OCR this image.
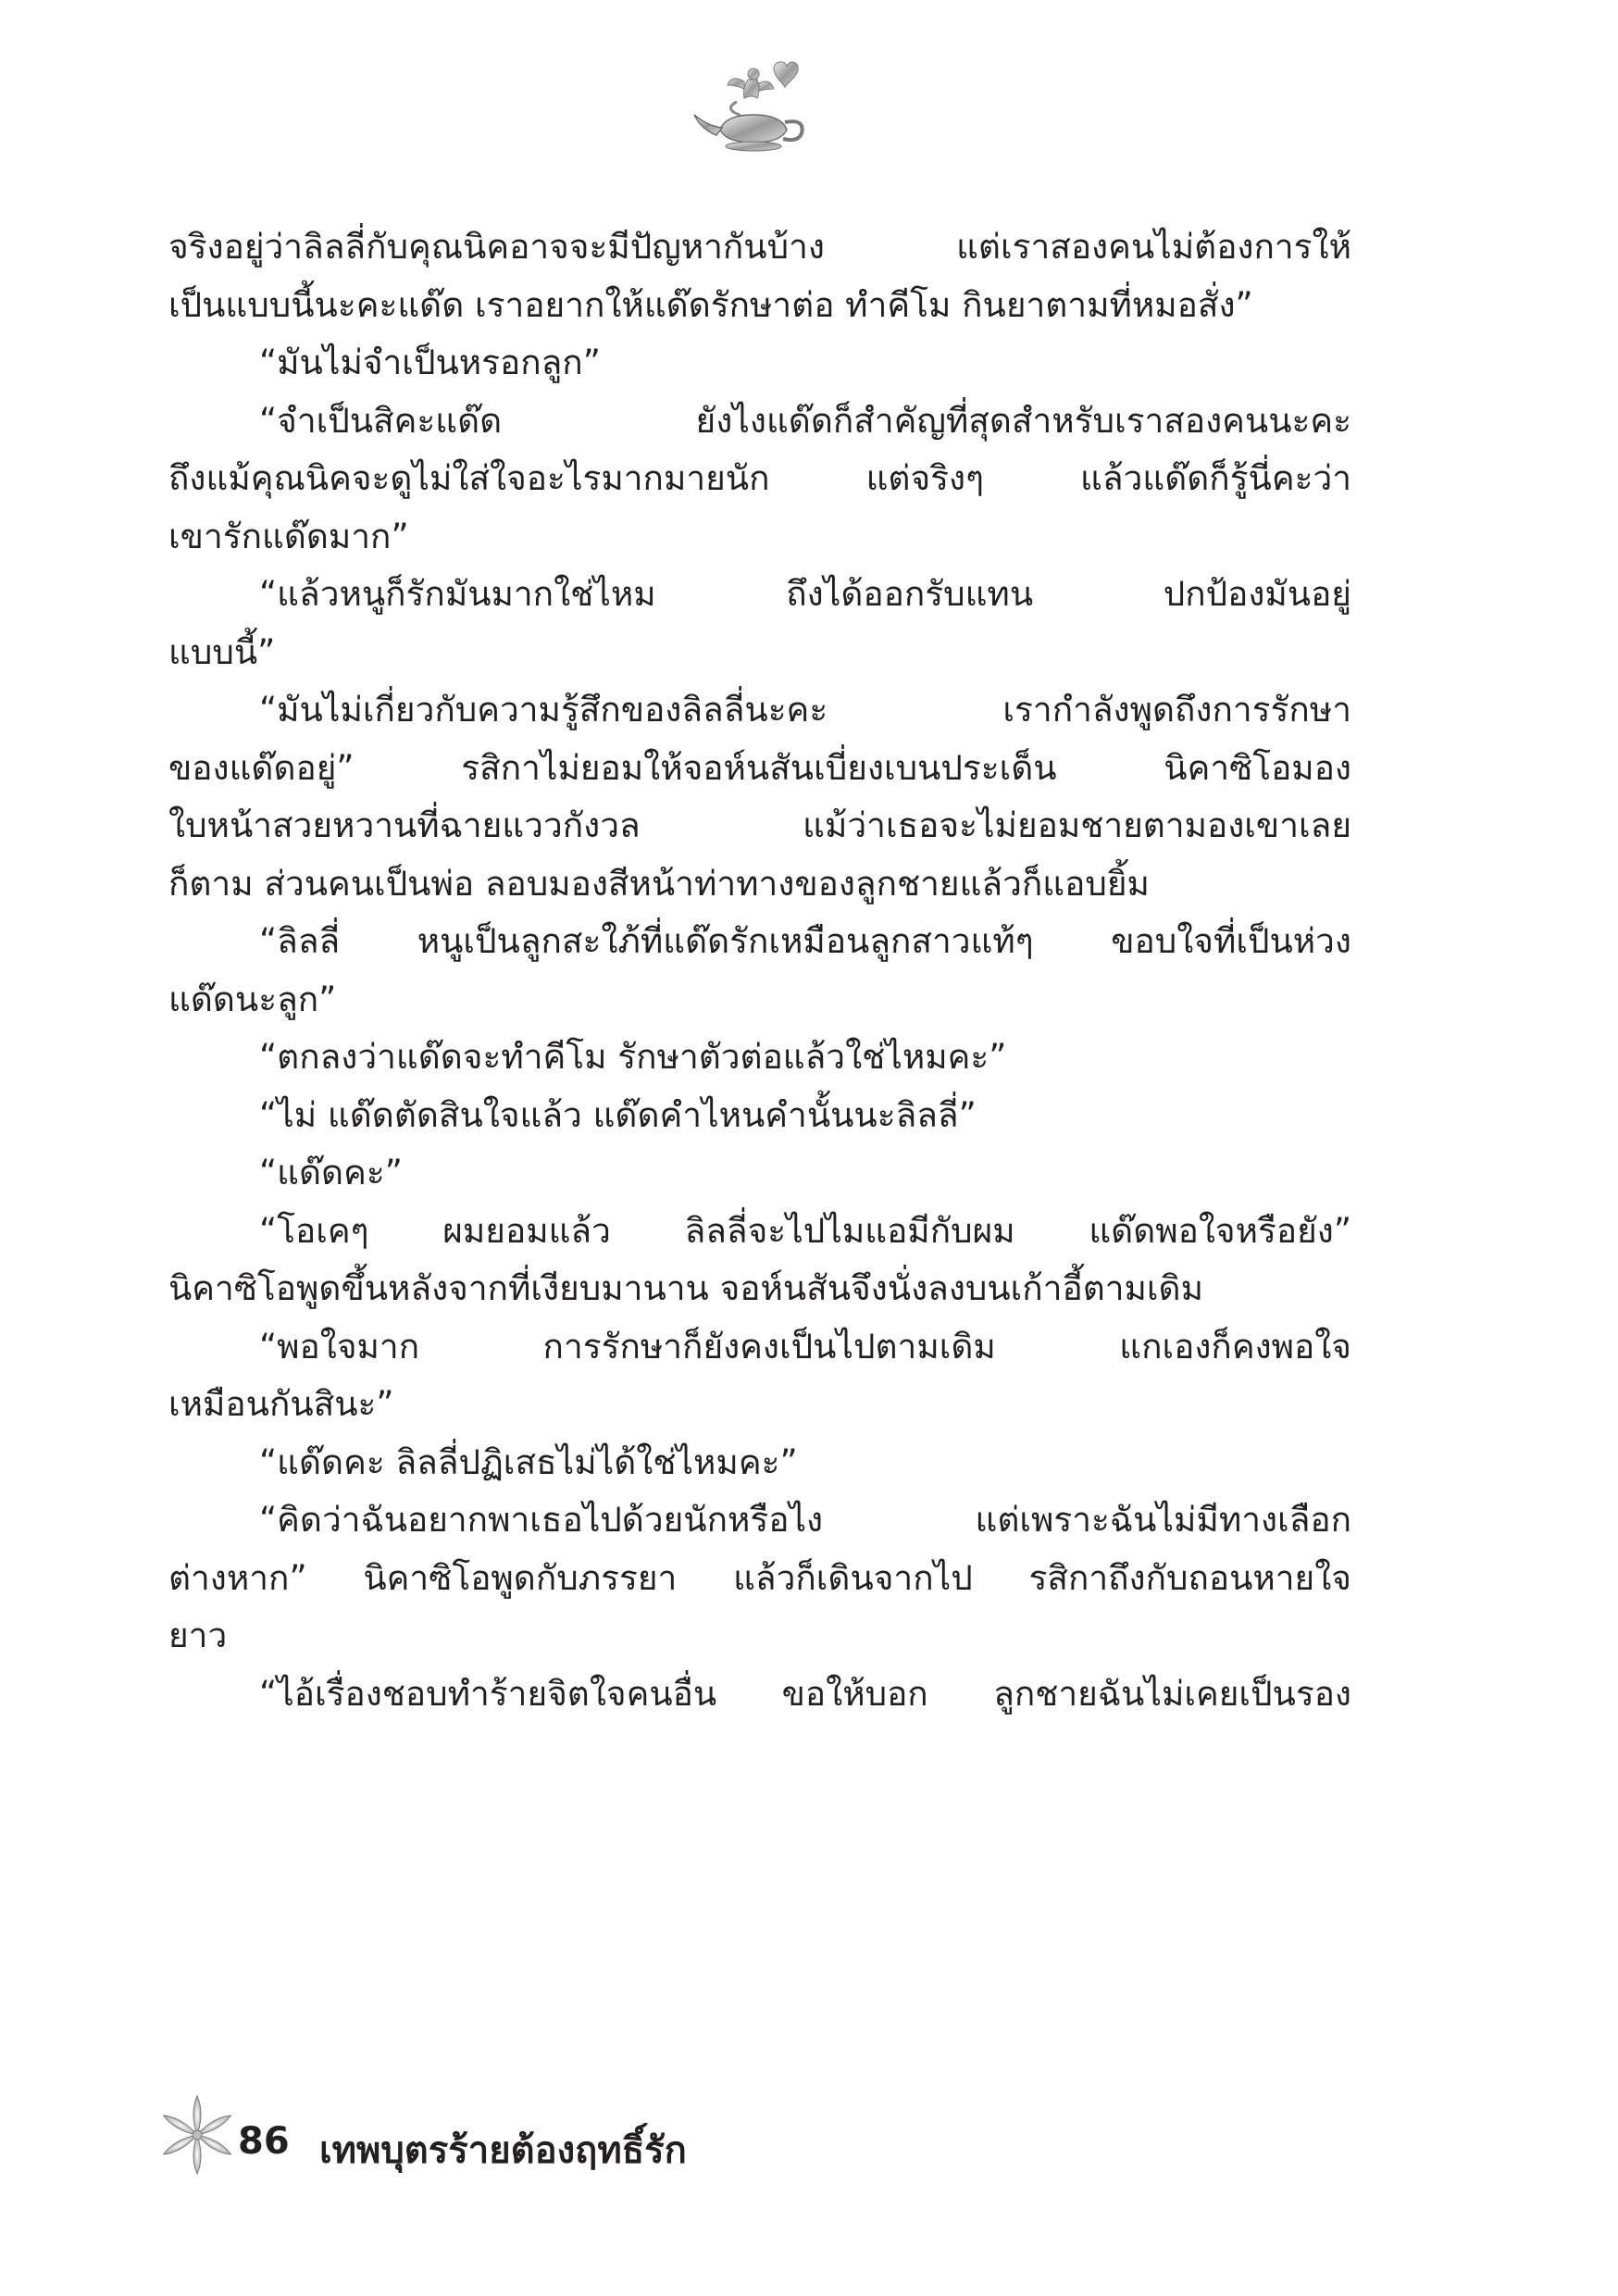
จริงอยู่ว่าลิลลี่กับคุณนิคอาจจะมีปัญหากันบ้าง แต่เราสองคนไม่ต้องการให้
เป็นแบบนี้นะคะแด๊ด เราอยากให้แด๊ดรักษาต่อ ทำคีโม กินยาตามที่หมอสั่ง”
“มันไม่จำเป็นหรอกลูก”
“จำเป็นสิคะแด๊ด ยังไงแด๊ดก็สำคัญที่สุดสำหรับเราสองคนนะคะ
ถึงแม้คุณนิคจะดูไม่ใส่ใจอะไรมากมายนัก แต่จริงๆ แล้วแด๊ดก็รู้นี่คะว่า
เขารักแด๊ดมาก”
“แล้วหนูก็รักมันมากใช่ไหม ถึงได้ออกรับแทน ปกป้องมันอยู่
แบบนี้”
“มันไม่เกี่ยวกับความรู้สึกของลิลลี่นะคะ เรากำลังพูดถึงการรักษา
ของแด๊ดอยู่” รสิกาไม่ยอมให้จอห์นสันเบี่ยงเบนประเด็น นิคาซิโอมอง
ใบหน้าสวยหวานที่ฉายแววกังวล แม้ว่าเธอจะไม่ยอมชายตามองเขาเลย
ก็ตาม ส่วนคนเป็นพ่อ ลอบมองสีหน้าท่าทางของลูกชายแล้วก็แอบยิ้ม
“ลิลลี่ หนูเป็นลูกสะใภ้ที่แด๊ดรักเหมือนลูกสาวแท้ๆ ขอบใจที่เป็นห่วง
แด๊ดนะลูก”
“ตกลงว่าแด๊ดจะทำคีโม รักษาตัวต่อแล้วใช่ไหมคะ”
“ไม่ แด๊ดตัดสินใจแล้ว แด๊ดคำไหนคำนั้นนะลิลลี่”
“แด๊ดคะ”
“โอเคๆ ผมยอมแล้ว ลิลลี่จะไปไมแอมีกับผม แด๊ดพอใจหรือยัง”
นิคาซิโอพูดขึ้นหลังจากที่เงียบมานาน จอห์นสันจึงนั่งลงบนเก้าอี้ตามเดิม
“พอใจมาก การรักษาก็ยังคงเป็นไปตามเดิม แกเองก็คงพอใจ
เหมือนกันสินะ”
“แด๊ดคะ ลิลลี่ปฏิเสธไม่ได้ใช่ไหมคะ”
“คิดว่าฉันอยากพาเธอไปด้วยนักหรือไง แต่เพราะฉันไม่มีทางเลือก
ต่างหาก” นิคาซิโอพูดกับภรรยา แล้วก็เดินจากไป รสิกาถึงกับถอนหายใจ
ยาว
“ไอ้เรื่องชอบทำร้ายจิตใจคนอื่น ขอให้บอก ลูกชายฉันไม่เคยเป็นรอง
86 เทพบุตรร้ายต้องฤทธิ์รัก
